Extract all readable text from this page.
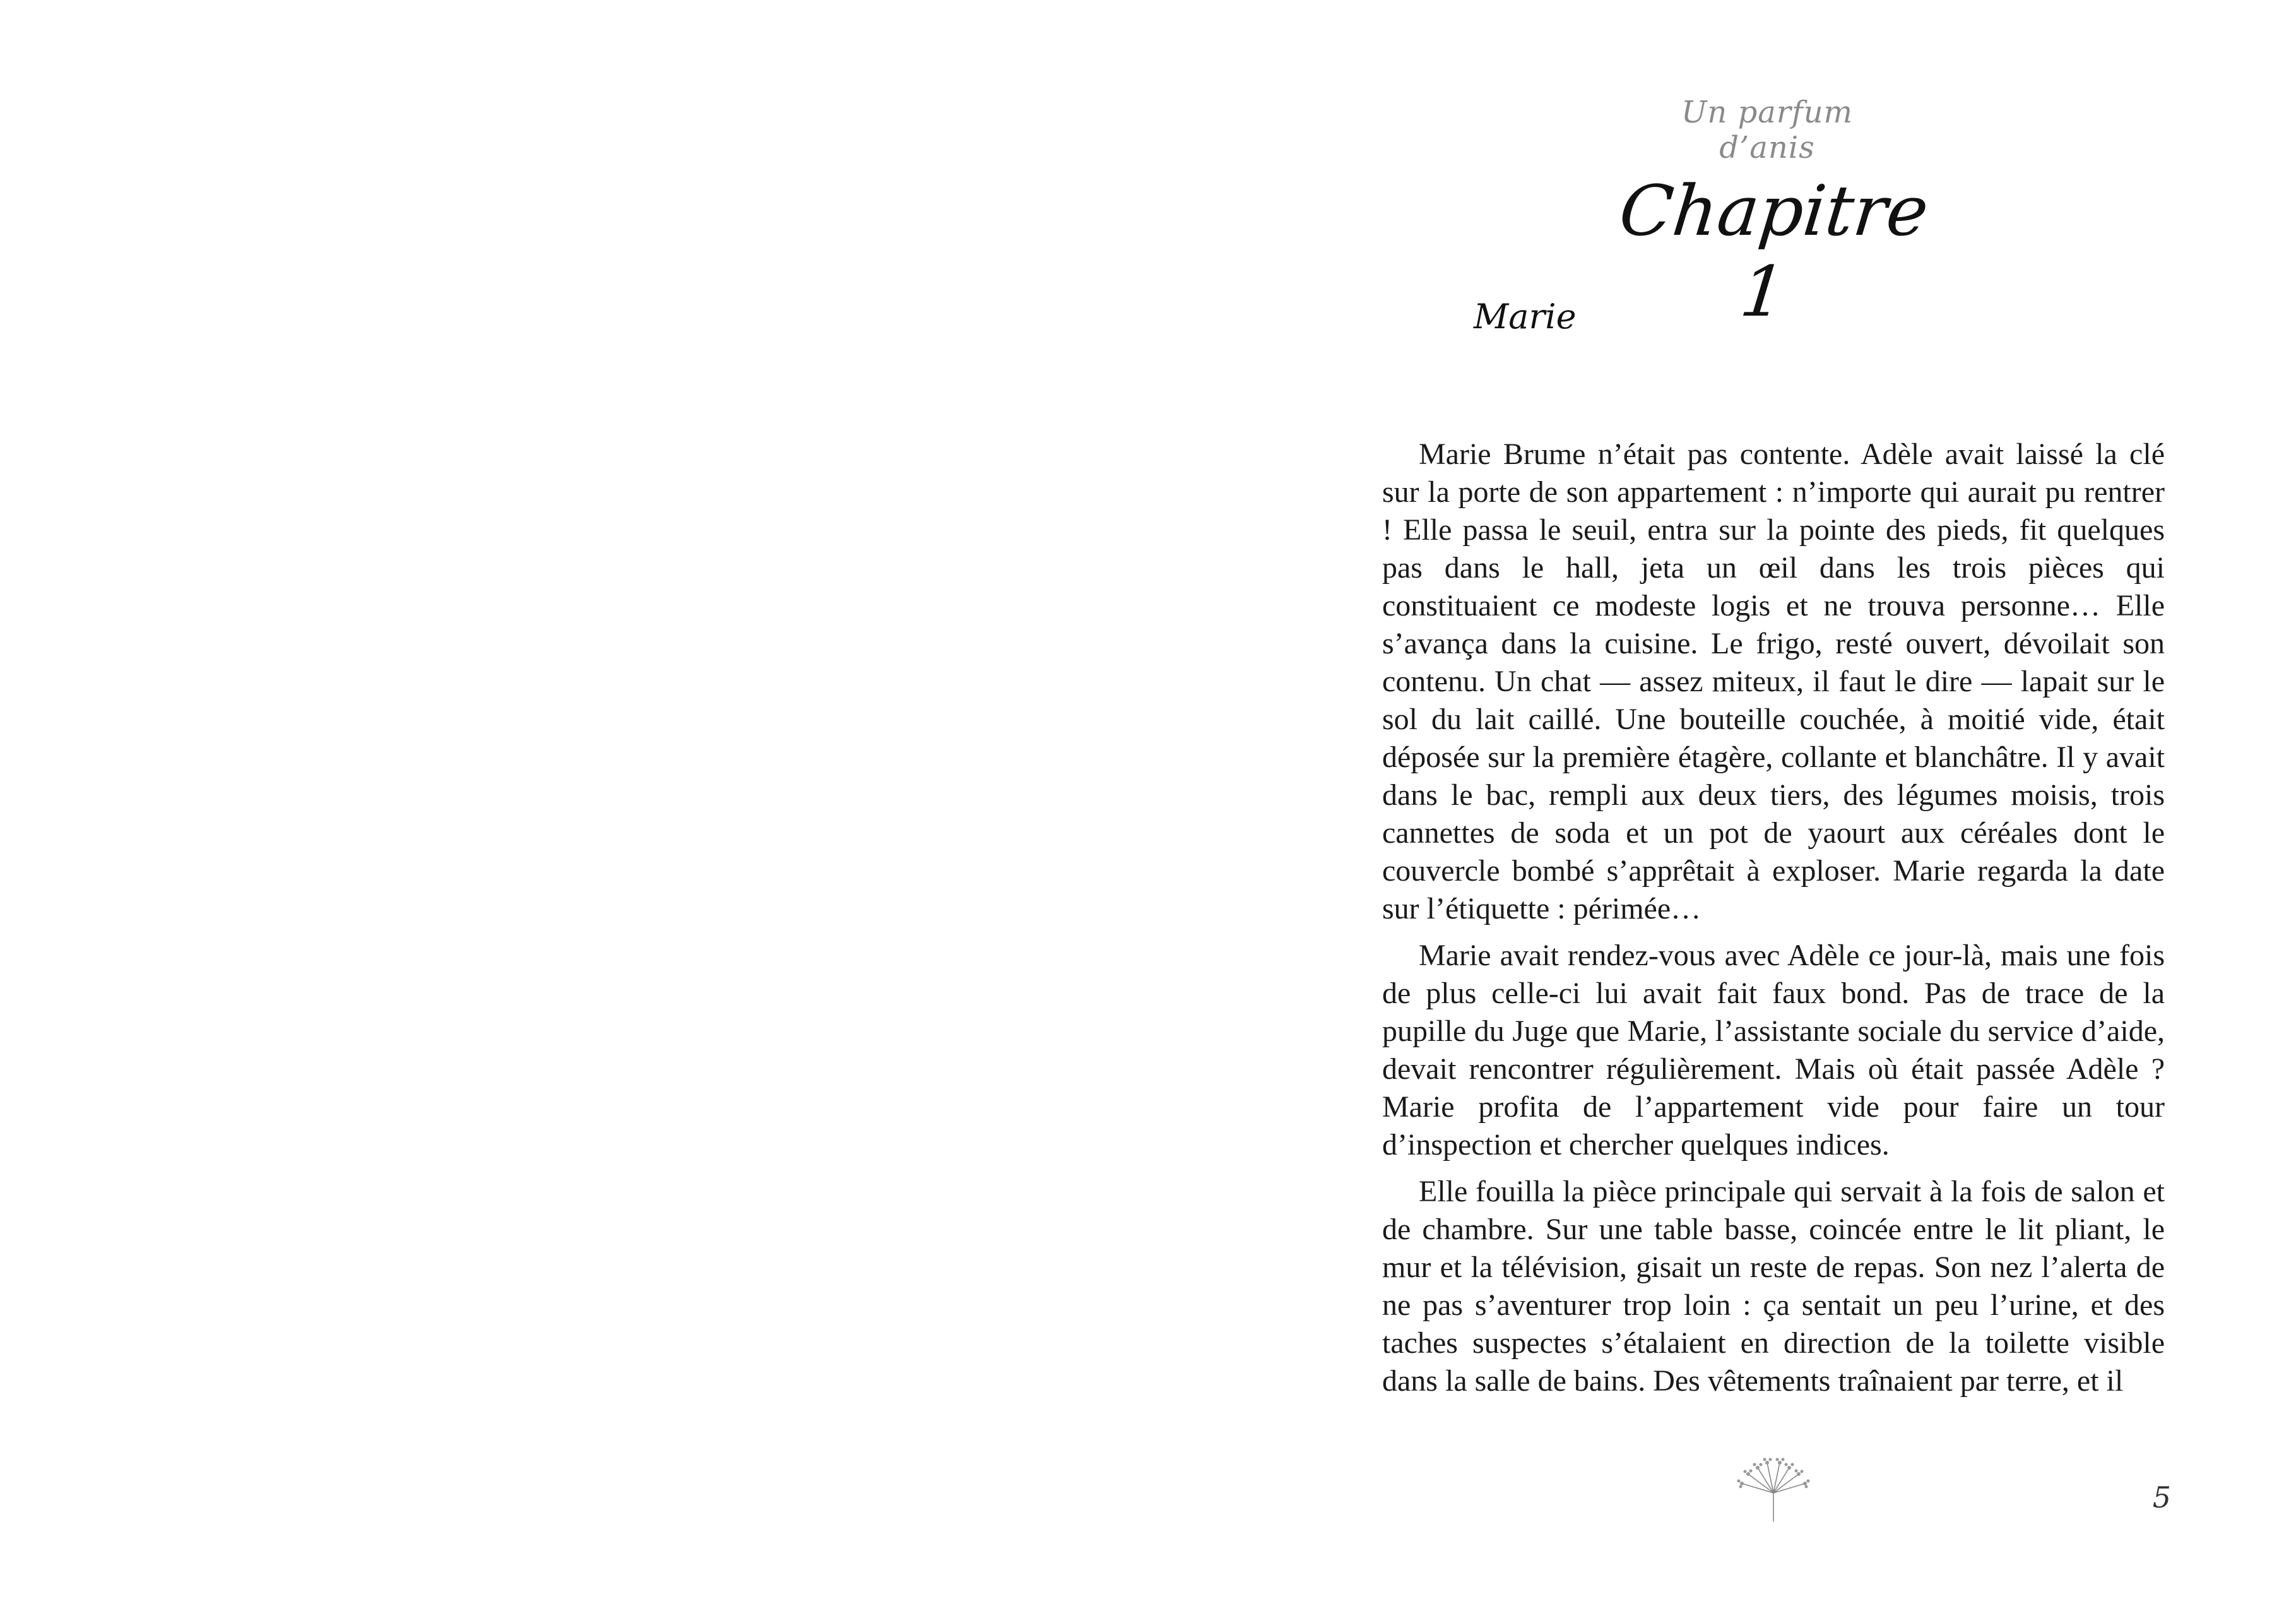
Un parfum d’anis
Chapitre 1
Marie

Marie Brume n’était pas contente. Adèle avait laissé la clé sur la porte de son appartement : n’importe qui aurait pu rentrer ! Elle passa le seuil, entra sur la pointe des pieds, fit quelques pas dans le hall, jeta un œil dans les trois pièces qui constituaient ce modeste logis et ne trouva personne… Elle s’avança dans la cuisine. Le frigo, resté ouvert, dévoilait son contenu. Un chat — assez miteux, il faut le dire — lapait sur le sol du lait caillé. Une bouteille couchée, à moitié vide, était déposée sur la première étagère, collante et blanchâtre. Il y avait dans le bac, rempli aux deux tiers, des légumes moisis, trois cannettes de soda et un pot de yaourt aux céréales dont le couvercle bombé s’apprêtait à exploser. Marie regarda la date sur l’étiquette : périmée…

Marie avait rendez-vous avec Adèle ce jour-là, mais une fois de plus celle-ci lui avait fait faux bond. Pas de trace de la pupille du Juge que Marie, l’assistante sociale du service d’aide, devait rencontrer régulièrement. Mais où était passée Adèle ? Marie profita de l’appartement vide pour faire un tour d’inspection et chercher quelques indices.

Elle fouilla la pièce principale qui servait à la fois de salon et de chambre. Sur une table basse, coincée entre le lit pliant, le mur et la télévision, gisait un reste de repas. Son nez l’alerta de ne pas s’aventurer trop loin : ça sentait un peu l’urine, et des taches suspectes s’étalaient en direction de la toilette visible dans la salle de bains. Des vêtements traînaient par terre, et il

5
